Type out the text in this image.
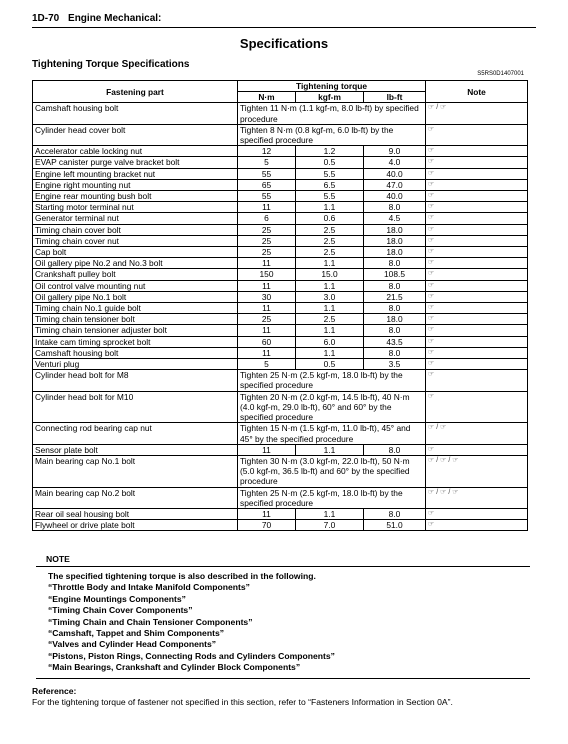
1D-70 Engine Mechanical:
Specifications
Tightening Torque Specifications
S5RS0D1407001
Fastening part	Tightening torque			Note
	N·m	kgf-m	lb-ft	
Camshaft housing bolt	Tighten 11 N·m (1.1 kgf-m, 8.0 lb-ft) by specified procedure			☞ / ☞
Cylinder head cover bolt	Tighten 8 N·m (0.8 kgf-m, 6.0 lb-ft) by the specified procedure			☞
Accelerator cable locking nut	12	1.2	9.0	☞
EVAP canister purge valve bracket bolt	5	0.5	4.0	☞
Engine left mounting bracket nut	55	5.5	40.0	☞
Engine right mounting nut	65	6.5	47.0	☞
Engine rear mounting bush bolt	55	5.5	40.0	☞
Starting motor terminal nut	11	1.1	8.0	☞
Generator terminal nut	6	0.6	4.5	☞
Timing chain cover bolt	25	2.5	18.0	☞
Timing chain cover nut	25	2.5	18.0	☞
Cap bolt	25	2.5	18.0	☞
Oil gallery pipe No.2 and No.3 bolt	11	1.1	8.0	☞
Crankshaft pulley bolt	150	15.0	108.5	☞
Oil control valve mounting nut	11	1.1	8.0	☞
Oil gallery pipe No.1 bolt	30	3.0	21.5	☞
Timing chain No.1 guide bolt	11	1.1	8.0	☞
Timing chain tensioner bolt	25	2.5	18.0	☞
Timing chain tensioner adjuster bolt	11	1.1	8.0	☞
Intake cam timing sprocket bolt	60	6.0	43.5	☞
Camshaft housing bolt	11	1.1	8.0	☞
Venturi plug	5	0.5	3.5	☞
Cylinder head bolt for M8	Tighten 25 N·m (2.5 kgf-m, 18.0 lb-ft) by the specified procedure			☞
Cylinder head bolt for M10	Tighten 20 N·m (2.0 kgf-m, 14.5 lb-ft), 40 N·m (4.0 kgf-m, 29.0 lb-ft), 60° and 60° by the specified procedure			☞
Connecting rod bearing cap nut	Tighten 15 N·m (1.5 kgf-m, 11.0 lb-ft), 45° and 45° by the specified procedure			☞ / ☞
Sensor plate bolt	11	1.1	8.0	☞
Main bearing cap No.1 bolt	Tighten 30 N·m (3.0 kgf-m, 22.0 lb-ft), 50 N·m (5.0 kgf-m, 36.5 lb-ft) and 60° by the specified procedure			☞ / ☞ / ☞
Main bearing cap No.2 bolt	Tighten 25 N·m (2.5 kgf-m, 18.0 lb-ft) by the specified procedure			☞ / ☞ / ☞
Rear oil seal housing bolt	11	1.1	8.0	☞
Flywheel or drive plate bolt	70	7.0	51.0	☞
NOTE
The specified tightening torque is also described in the following.
“Throttle Body and Intake Manifold Components”
“Engine Mountings Components”
“Timing Chain Cover Components”
“Timing Chain and Chain Tensioner Components”
“Camshaft, Tappet and Shim Components”
“Valves and Cylinder Head Components”
“Pistons, Piston Rings, Connecting Rods and Cylinders Components”
“Main Bearings, Crankshaft and Cylinder Block Components”
Reference:
For the tightening torque of fastener not specified in this section, refer to “Fasteners Information in Section 0A”.
